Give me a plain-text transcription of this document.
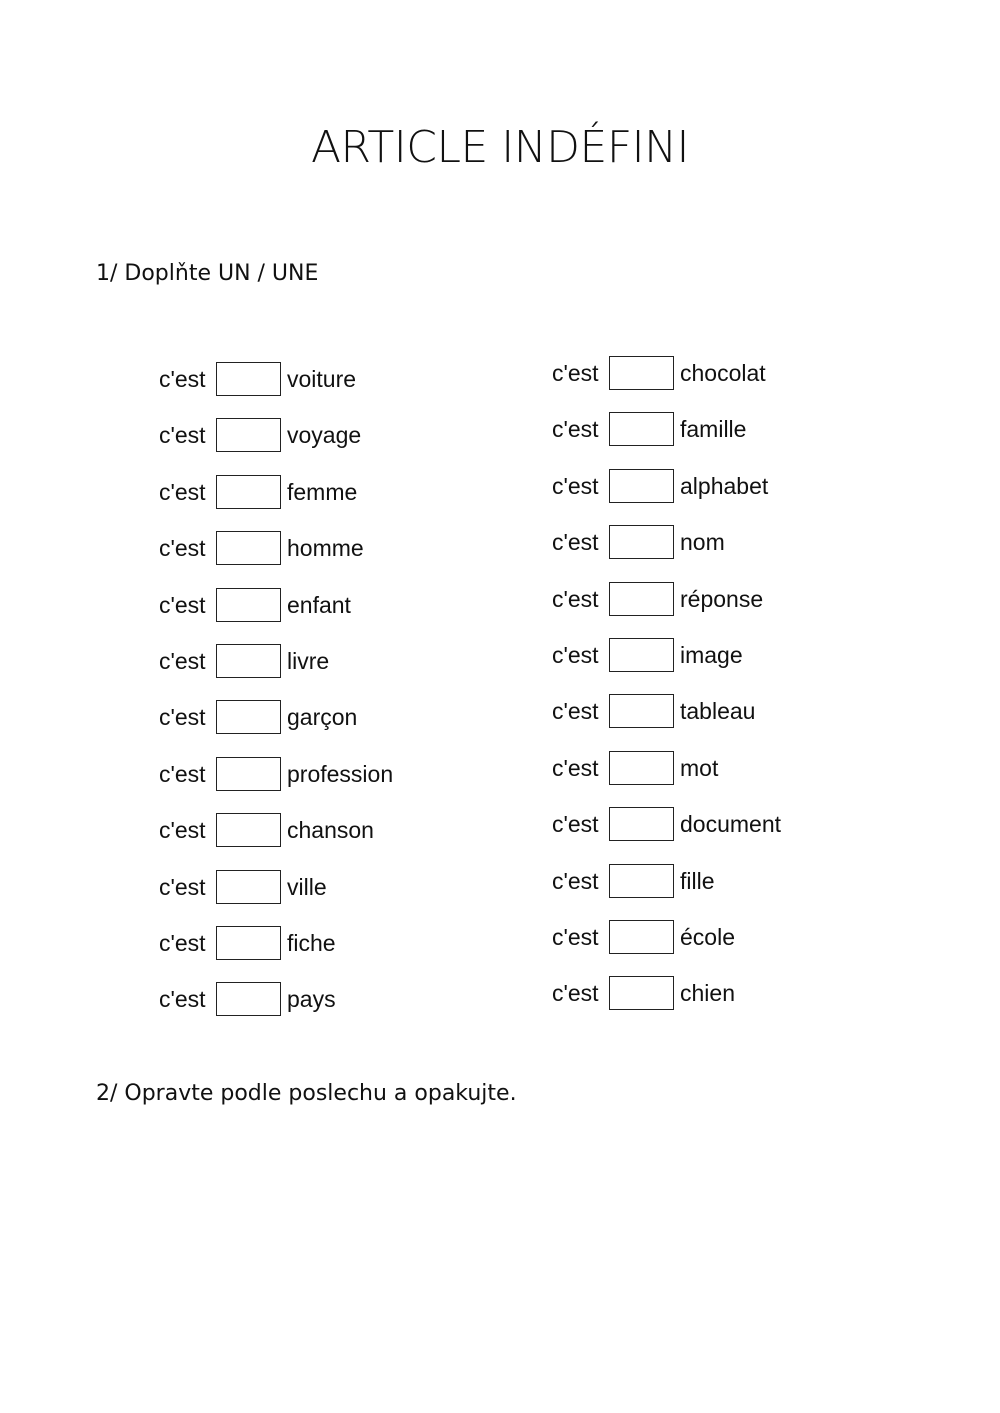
ARTICLE INDÉFINI
1/ Doplňte UN / UNE
c'est	voiture
c'est	voyage
c'est	femme
c'est	homme
c'est	enfant
c'est	livre
c'est	garçon
c'est	profession
c'est	chanson
c'est	ville
c'est	fiche
c'est	pays
c'est	chocolat
c'est	famille
c'est	alphabet
c'est	nom
c'est	réponse
c'est	image
c'est	tableau
c'est	mot
c'est	document
c'est	fille
c'est	école
c'est	chien
2/ Opravte podle poslechu a opakujte.
